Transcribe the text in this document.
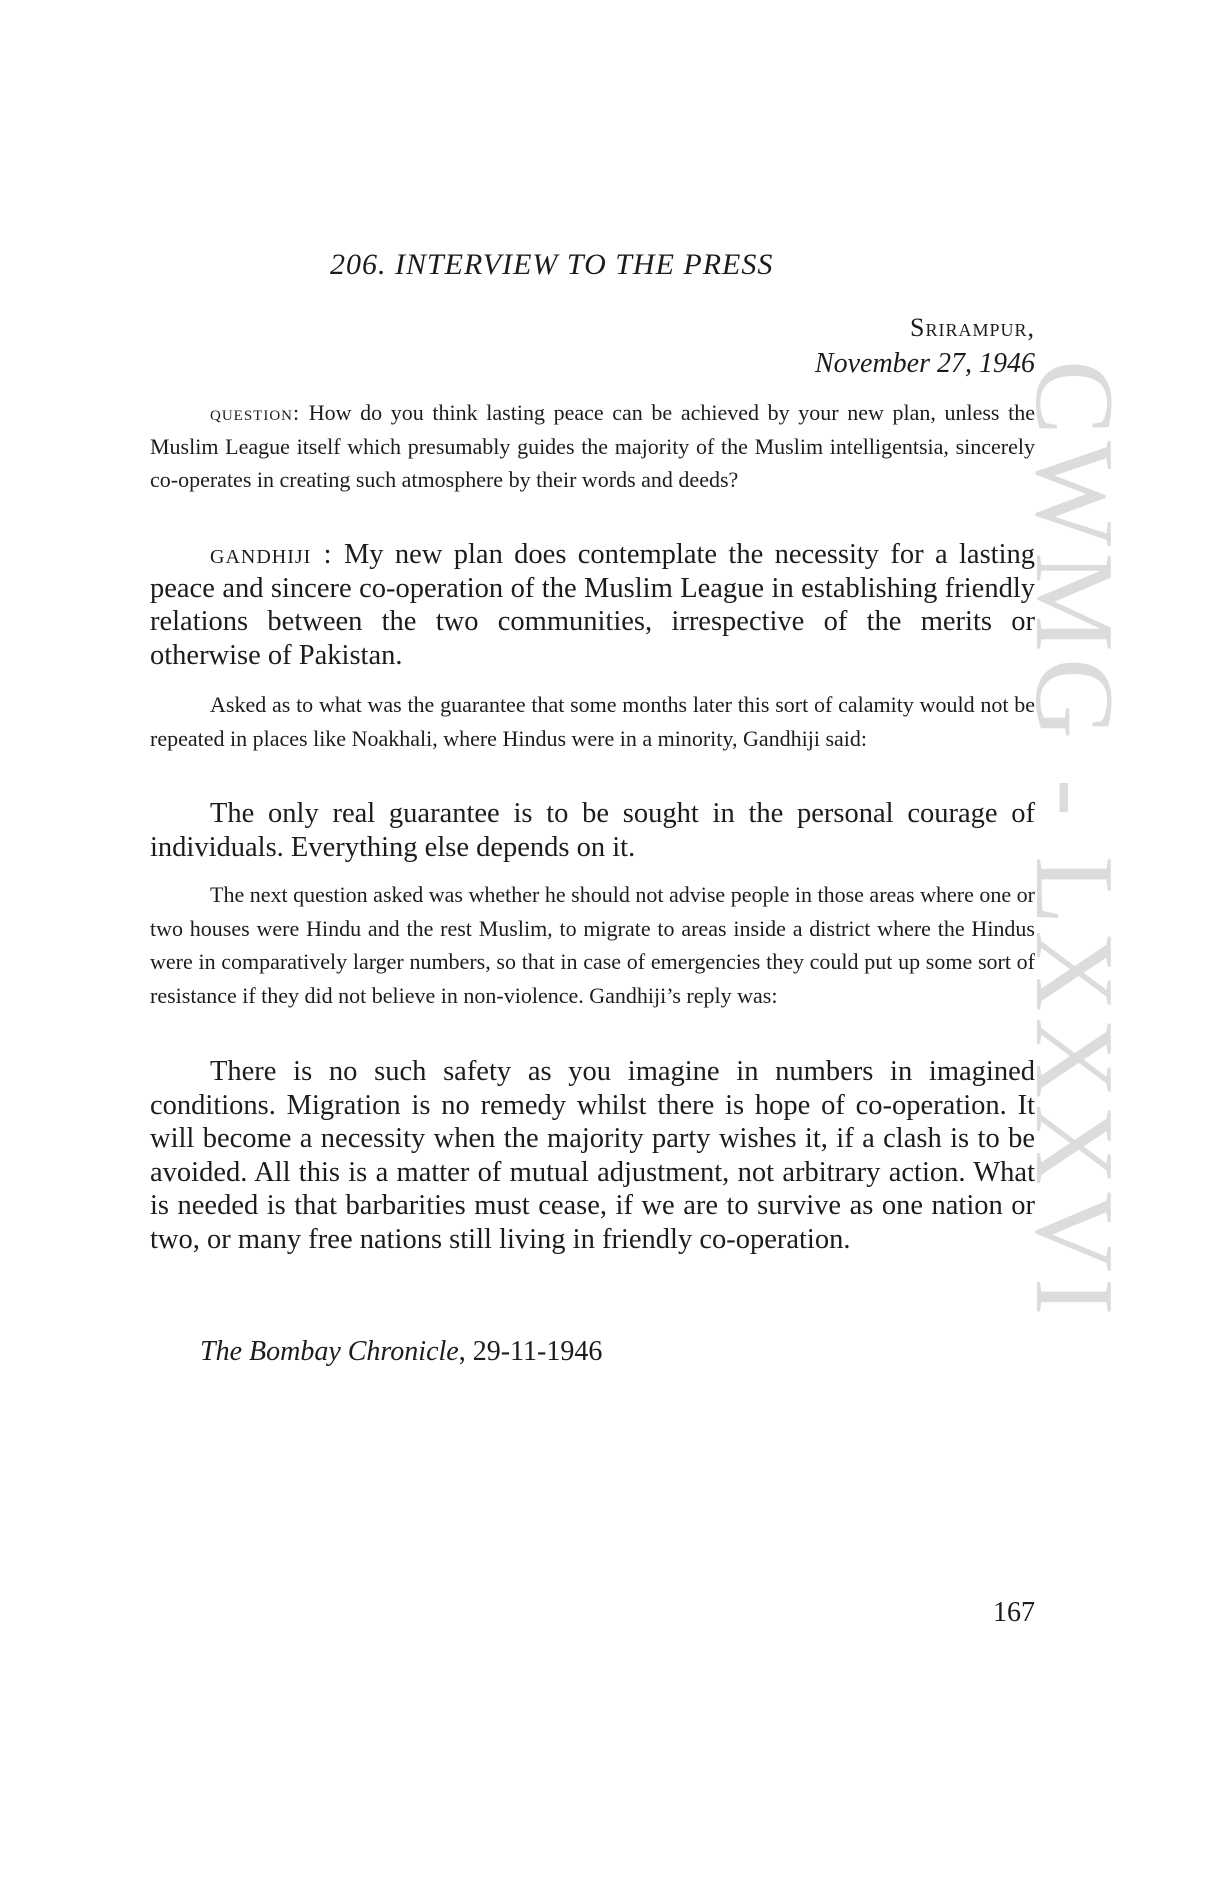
CWMG - LXXXVI
206. INTERVIEW TO THE PRESS
Srirampur,
November 27, 1946

question: How do you think lasting peace can be achieved by your new plan, unless the Muslim League itself which presumably guides the majority of the Muslim intelligentsia, sincerely co-operates in creating such atmosphere by their words and deeds?

gandhiji : My new plan does contemplate the necessity for a lasting peace and sincere co-operation of the Muslim League in establishing friendly relations between the two communities, irrespective of the merits or otherwise of Pakistan.

Asked as to what was the guarantee that some months later this sort of calamity would not be repeated in places like Noakhali, where Hindus were in a minority, Gandhiji said:

The only real guarantee is to be sought in the personal courage of individuals. Everything else depends on it.

The next question asked was whether he should not advise people in those areas where one or two houses were Hindu and the rest Muslim, to migrate to areas inside a district where the Hindus were in comparatively larger numbers, so that in case of emergencies they could put up some sort of resistance if they did not believe in non-violence. Gandhiji’s reply was:

There is no such safety as you imagine in numbers in imagined conditions. Migration is no remedy whilst there is hope of co-operation. It will become a necessity when the majority party wishes it, if a clash is to be avoided. All this is a matter of mutual adjustment, not arbitrary action. What is needed is that barbarities must cease, if we are to survive as one nation or two, or many free nations still living in friendly co-operation.

The Bombay Chronicle, 29-11-1946

167
